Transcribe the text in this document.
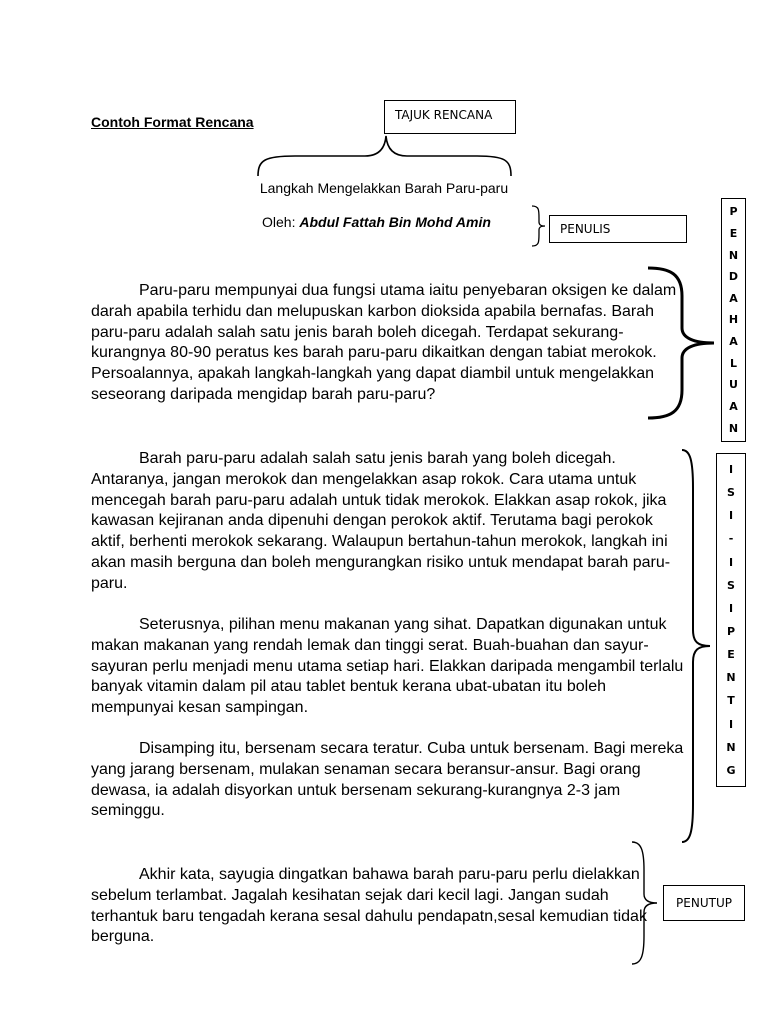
Contoh Format Rencana	TAJUK RENCANA
Langkah Mengelakkan Barah Paru-paru
Oleh: Abdul Fattah Bin Mohd Amin	PENULIS
P
E
N
D
A
H
A
L
U
A
N
I
S
I
-
I
S
I
P
E
N
T
I
N
G

Paru-paru mempunyai dua fungsi utama iaitu penyebaran oksigen ke dalam darah apabila terhidu dan melupuskan karbon dioksida apabila bernafas. Barah paru-paru adalah salah satu jenis barah boleh dicegah. Terdapat sekurang-kurangnya 80-90 peratus kes barah paru-paru dikaitkan dengan tabiat merokok. Persoalannya, apakah langkah-langkah yang dapat diambil untuk mengelakkan seseorang daripada mengidap barah paru-paru?

Barah paru-paru adalah salah satu jenis barah yang boleh dicegah. Antaranya, jangan merokok dan mengelakkan asap rokok. Cara utama untuk mencegah barah paru-paru adalah untuk tidak merokok. Elakkan asap rokok, jika kawasan kejiranan anda dipenuhi dengan perokok aktif. Terutama bagi perokok aktif, berhenti merokok sekarang. Walaupun bertahun-tahun merokok, langkah ini akan masih berguna dan boleh mengurangkan risiko untuk mendapat barah paru-paru.

Seterusnya, pilihan menu makanan yang sihat. Dapatkan digunakan untuk makan makanan yang rendah lemak dan tinggi serat. Buah-buahan dan sayur-sayuran perlu menjadi menu utama setiap hari. Elakkan daripada mengambil terlalu banyak vitamin dalam pil atau tablet bentuk kerana ubat-ubatan itu boleh mempunyai kesan sampingan.

Disamping itu, bersenam secara teratur. Cuba untuk bersenam. Bagi mereka yang jarang bersenam, mulakan senaman secara beransur-ansur. Bagi orang dewasa, ia adalah disyorkan untuk bersenam sekurang-kurangnya 2-3 jam seminggu.

Akhir kata, sayugia dingatkan bahawa barah paru-paru perlu dielakkan sebelum terlambat. Jagalah kesihatan sejak dari kecil lagi. Jangan sudah terhantuk baru tengadah kerana sesal dahulu pendapatn,sesal kemudian tidak berguna.

PENUTUP
